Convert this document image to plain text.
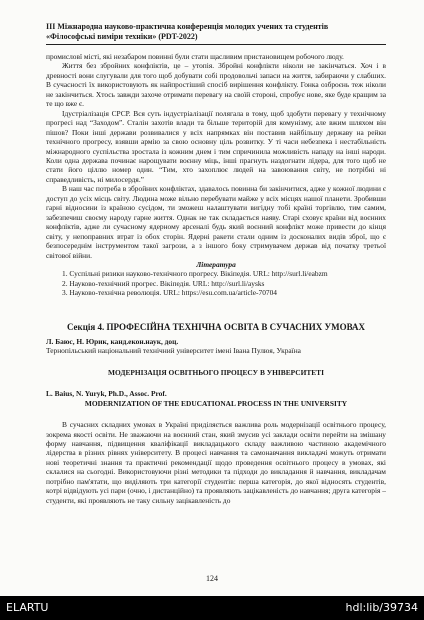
ІІІ Міжнародна науково-практична конференція молодих учених та студентів
«Філософські виміри техніки» (PDT-2022)

промисловї місті, які незабаром повинні були стати щасливим пристановищем робочого люду.

Життя без збройних конфліктів, це – утопія. Збройні конфлікти ніколи не закінчаться. Хоч і в древності вони слугували для того щоб добувати собі продовольчі запаси на життя, забираючи у слабших. В сучасності їх використовують як найпростіший спосіб вирішення конфлікту. Гонка озброєнь теж ніколи не закінчиться. Хтось завжди захоче отримати перевагу на своїй стороні, спробує нове, яке буде кращим за те що вже є.

Ідустріалізація СРСР. Вся суть індустріалізації полягала в тому, щоб здобути перевагу у технічному прогресі над “Заходом”. Сталін захотів влади та більше територій для комунізму, але вжим шляхом він пішов? Поки інші держави розвивалися у всіх напрямках він поставив найбільшу державу на рейки технічного прогресу, взявши армію за свою основну ціль розвитку. У ті часи небезпека і нестабільність міжнародного суспільства зростала із кожним днем і тим спричинила можливість нападу на інші народи. Коли одна держава починає нарощувати воєнну міць, інші прагнуть наздогнати лідера, для того щоб не стати його ціллю номер один. “Тим, хто захоплює людей на завоювання світу, не потрібні ні справедливість, ні милосердя.”

В наш час потреба в збройних конфліктах, здавалось повинна би закінчитися, адже у кожної людини є доступ до усіх місць світу. Людина може вільно перебувати майже у всіх місцях нашої планети. Зробивши гарні відносини із країною сусідом, ти зможеш налаштувати вигідну тобі країні торгівлю, тим самим, забезпечиш своєму народу гарне життя. Однак не так складається наяву. Старі сховує країни від воєнних конфліктів, адже ли сучасному ядерному арсеналі будь який воєнний конфлікт може привести до кінця світу, у непоправних втрат із обох сторін. Ядерні ракети стали одним із досконалих видів зброї, що є безпосереднім інструментом такої загрози, а з іншого боку стримувачем держав від початку третьої світової війни.

Література

1. Суспільні ризики науково-технічного прогресу. Вікіпедія. URL: http://surl.li/eabzm

2. Науково-технічний прогрес. Вікіпедія. URL: http://surl.li/aysks

3. Науково-технічна революція. URL: https://esu.com.ua/article-70704

Секція 4. ПРОФЕСІЙНА ТЕХНІЧНА ОСВІТА В СУЧАСНИХ УМОВАХ

Л. Баюс, Н. Юрик, канд.екон.наук, доц.

Тернопільський національний технічний університет імені Івана Пулюя, Україна

МОДЕРНІЗАЦІЯ ОСВІТНЬОГО ПРОЦЕСУ В УНІВЕРСИТЕТІ

L. Baius, N. Yuryk, Ph.D., Assoc. Prof.

MODERNIZATION OF THE EDUCATIONAL PROCESS IN THE UNIVERSITY

В сучасних складних умовах в Україні приділяється важлива роль модернізації освітнього процесу, зокрема якості освіти. Не зважаючи на воєнний стан, який змусив усі заклади освіти перейти на змішану форму навчання, підвищення кваліфікації викладацького складу важливою частиною академічного лідерства в різних рівнях університету. В процесі навчання та самонавчання викладачі можуть отримати нові теоретичні знання та практичні рекомендації щодо проведення освітнього процесу в умовах, які склалися на сьогодні. Використовуючи різні методики та підходи до викладання й навчання, викладачам потрібно пам'ятати, що виділяють три категорії студентів: перша категорія, до якої відносять студентів, котрі відвідують усі пари (очно, і дистанційно) та проявляють зацікавленість до навчання; друга категорія – студенти, які проявляють не таку сильну зацікавленість до

124
ELARTU	hdl:lib/39734
